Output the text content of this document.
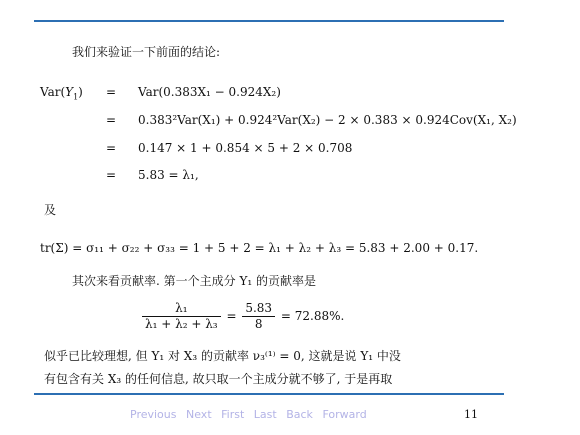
我们来验证一下前面的结论:
$Var(Y_1) = Var(0.383X_1 - 0.924X_2)$
= 0.383²Var(X₁) + 0.924²Var(X₂) − 2 × 0.383 × 0.924Cov(X₁, X₂)
= 0.147 × 1 + 0.854 × 5 + 2 × 0.708
= 5.83 = λ₁,
及
tr(Σ) = σ₁₁ + σ₂₂ + σ₃₃ = 1 + 5 + 2 = λ₁ + λ₂ + λ₃ = 5.83 + 2.00 + 0.17.
其次来看贡献率. 第一个主成分 Y₁ 的贡献率是
$\frac{\text{λ₁}}{\text{λ₁ + λ₂ + λ₃}} = \frac{5.83}{8} = 72.88\%$.
似乎已比较理想, 但 Y₁ 对 X₃ 的贡献率 ν₃⁽¹⁾ = 0, 这就是说 Y₁ 中没
有包含有关 X₃ 的任何信息, 故只取一个主成分就不够了, 于是再取
Previous Next First Last Back Forward	11
